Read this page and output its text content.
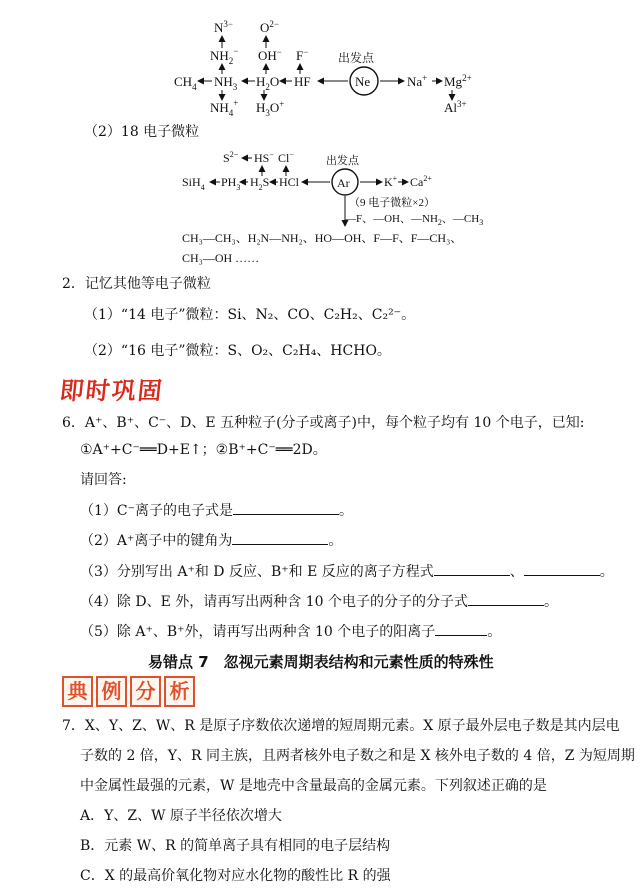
$N^{3-}$
$NH_2^-$
$O^{2-}$
OH− F−
$CH_4$ $NH_3$ $H_2O$ HF
出发点
Ne	Na+ $Mg^{2+}$
$Al^{3+}$
$NH_4^+$ $H_3O^+$
$S^{2-}$ HS− Cl−
SiH$_4$ $PH_3$ $H_2S$ HCl
出发点
Ar	K+ $Ca^{2+}$
（9 电子微粒×2）
—F、—OH、$—NH_2$、$—CH_3$
CH₃—CH₃、H₂N—NH₂、HO—OH、F—F、F—CH₃、
CH₃—OH ……
（2）18 电子微粒
2．记忆其他等电子微粒
（1）“14 电子”微粒：Si、N₂、CO、C₂H₂、C₂²⁻。
（2）“16 电子”微粒：S、O₂、C₂H₄、HCHO。
即时巩固
6．A⁺、B⁺、C⁻、D、E 五种粒子(分子或离子)中，每个粒子均有 10 个电子，已知:
①A⁺+C⁻══D+E↑；②B⁺+C⁻══2D。
请回答:
（1）C⁻离子的电子式是	。
（2）A⁺离子中的键角为	。
（3）分别写出 A⁺和 D 反应、B⁺和 E 反应的离子方程式	、	。
（4）除 D、E 外，请再写出两种含 10 个电子的分子的分子式	。
（5）除 A⁺、B⁺外，请再写出两种含 10 个电子的阳离子	。
易错点 7　忽视元素周期表结构和元素性质的特殊性
典 例 分 析
7．X、Y、Z、W、R 是原子序数依次递增的短周期元素。X 原子最外层电子数是其内层电
子数的 2 倍，Y、R 同主族，且两者核外电子数之和是 X 核外电子数的 4 倍，Z 为短周期
中金属性最强的元素，W 是地壳中含量最高的金属元素。下列叙述正确的是
A．Y、Z、W 原子半径依次增大
B．元素 W、R 的简单离子具有相同的电子层结构
C．X 的最高价氧化物对应水化物的酸性比 R 的强
